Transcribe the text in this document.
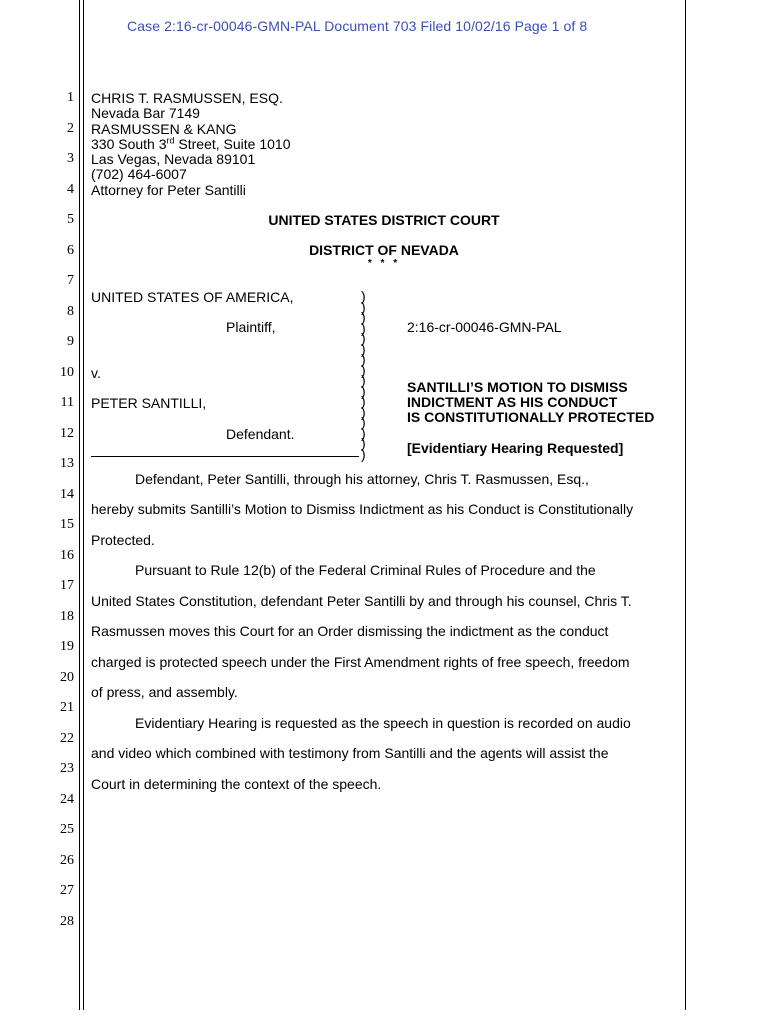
Case 2:16-cr-00046-GMN-PAL Document 703 Filed 10/02/16 Page 1 of 8
1
2
3
4
5
6
7
8
9
10
11
12
13
14
15
16
17
18
19
20
21
22
23
24
25
26
27
28
CHRIS T. RASMUSSEN, ESQ.
Nevada Bar 7149
RASMUSSEN & KANG
330 South 3rd Street, Suite 1010
Las Vegas, Nevada 89101
(702) 464-6007
Attorney for Peter Santilli
UNITED STATES DISTRICT COURT
DISTRICT OF NEVADA
* * *
UNITED STATES OF AMERICA,
Plaintiff,
v.
PETER SANTILLI,
Defendant.
)
)
)
)
)
)
)
)
)
)
)
)
)
)
)
)
2:16-cr-00046-GMN-PAL
SANTILLI’S MOTION TO DISMISS
INDICTMENT AS HIS CONDUCT
IS CONSTITUTIONALLY PROTECTED
[Evidentiary Hearing Requested]
Defendant, Peter Santilli, through his attorney, Chris T. Rasmussen, Esq.,
hereby submits Santilli’s Motion to Dismiss Indictment as his Conduct is Constitutionally
Protected.
Pursuant to Rule 12(b) of the Federal Criminal Rules of Procedure and the
United States Constitution, defendant Peter Santilli by and through his counsel, Chris T.
Rasmussen moves this Court for an Order dismissing the indictment as the conduct
charged is protected speech under the First Amendment rights of free speech, freedom
of press, and assembly.
Evidentiary Hearing is requested as the speech in question is recorded on audio
and video which combined with testimony from Santilli and the agents will assist the
Court in determining the context of the speech.
